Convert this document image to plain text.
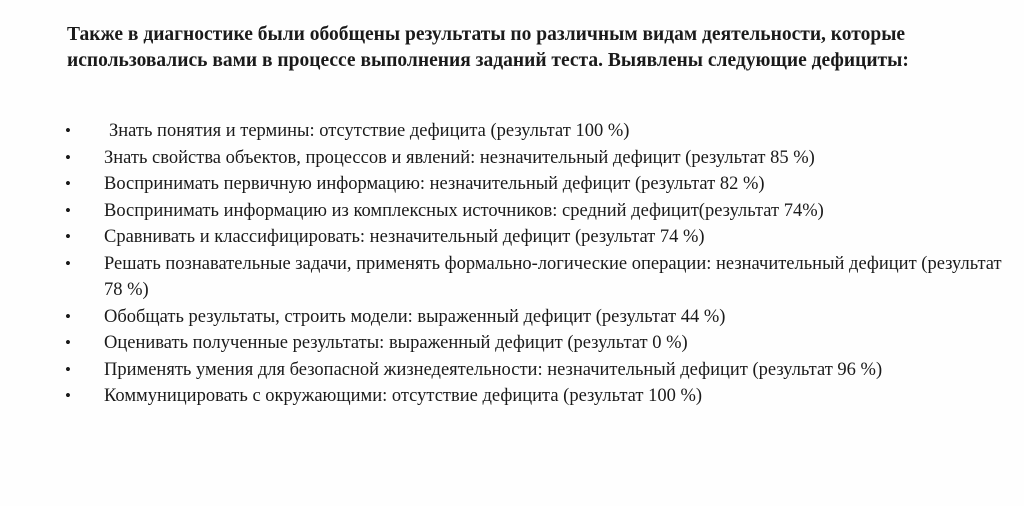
Также в диагностике были обобщены результаты по различным видам деятельности, которые использовались вами в процессе выполнения заданий теста. Выявлены следующие дефициты:

• Знать понятия и термины: отсутствие дефицита (результат 100 %)
• Знать свойства объектов, процессов и явлений: незначительный дефицит (результат 85 %)
• Воспринимать первичную информацию: незначительный дефицит (результат 82 %)
• Воспринимать информацию из комплексных источников: средний дефицит(результат 74%)
• Сравнивать и классифицировать: незначительный дефицит (результат 74 %)
• Решать познавательные задачи, применять формально-логические операции: незначительный дефицит (результат 78 %)
• Обобщать результаты, строить модели: выраженный дефицит (результат 44 %)
• Оценивать полученные результаты: выраженный дефицит (результат 0 %)
• Применять умения для безопасной жизнедеятельности: незначительный дефицит (результат 96 %)
• Коммуницировать с окружающими: отсутствие дефицита (результат 100 %)
